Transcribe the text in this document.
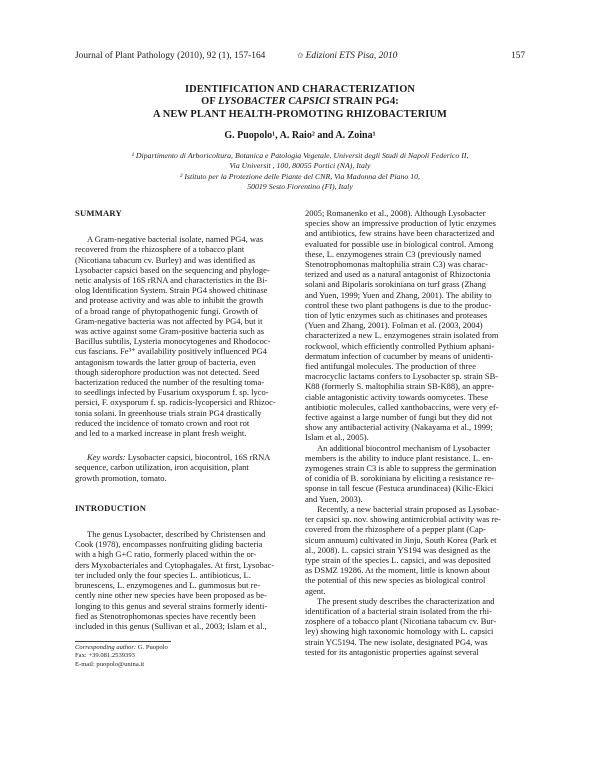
Journal of Plant Pathology (2010), 92 (1), 157-164	✩ Edizioni ETS Pisa, 2010	157
IDENTIFICATION AND CHARACTERIZATION
OF LYSOBACTER CAPSICI STRAIN PG4:
A NEW PLANT HEALTH-PROMOTING RHIZOBACTERIUM
G. Puopolo¹, A. Raio² and A. Zoina¹
¹ Dipartimento di Arboricoltura, Botanica e Patologia Vegetale, Universit degli Studi di Napoli Federico II,
Via Universit , 100, 80055 Portici (NA), Italy
² Istituto per la Protezione delle Piante del CNR, Via Madonna del Piano 10,
50019 Sesto Fiorentino (FI), Italy
SUMMARY
A Gram-negative bacterial isolate, named PG4, was
recovered from the rhizosphere of a tobacco plant
(Nicotiana tabacum cv. Burley) and was identified as
Lysobacter capsici based on the sequencing and phyloge-
netic analysis of 16S rRNA and characteristics in the Bi-
olog Identification System. Strain PG4 showed chitinase
and protease activity and was able to inhibit the growth
of a broad range of phytopathogenic fungi. Growth of
Gram-negative bacteria was not affected by PG4, but it
was active against some Gram-positive bacteria such as
Bacillus subtilis, Lysteria monocytogenes and Rhodococ-
cus fascians. Fe³⁺ availability positively influenced PG4
antagonism towards the latter group of bacteria, even
though siderophore production was not detected. Seed
bacterization reduced the number of the resulting toma-
to seedlings infected by Fusarium oxysporum f. sp. lyco-
persici, F. oxysporum f. sp. radicis-lycopersici and Rhizoc-
tonia solani. In greenhouse trials strain PG4 drastically
reduced the incidence of tomato crown and root rot
and led to a marked increase in plant fresh weight.
Key words: Lysobacter capsici, biocontrol, 16S rRNA
sequence, carbon utilization, iron acquisition, plant
growth promotion, tomato.
INTRODUCTION
The genus Lysobacter, described by Christensen and
Cook (1978), encompasses nonfruiting gliding bacteria
with a high G+C ratio, formerly placed within the or-
ders Myxobacteriales and Cytophagales. At first, Lysobac-
ter included only the four species L. antibioticus, L.
brunescens, L. enzymogenes and L. gummosus but re-
cently nine other new species have been proposed as be-
longing to this genus and several strains formerly identi-
fied as Stenotrophomonas species have recently been
included in this genus (Sullivan et al., 2003; Islam et al.,
Corresponding author: G. Puopolo
Fax: +39.081.2539393
E-mail: puopolo@unina.it
2005; Romanenko et al., 2008). Although Lysobacter
species show an impressive production of lytic enzymes
and antibiotics, few strains have been characterized and
evaluated for possible use in biological control. Among
these, L. enzymogenes strain C3 (previously named
Stenotrophomonas maltophilia strain C3) was charac-
terized and used as a natural antagonist of Rhizoctonia
solani and Bipolaris sorokiniana on turf grass (Zhang
and Yuen, 1999; Yuen and Zhang, 2001). The ability to
control these two plant pathogens is due to the produc-
tion of lytic enzymes such as chitinases and proteases
(Yuen and Zhang, 2001). Folman et al. (2003, 2004)
characterized a new L. enzymogenes strain isolated from
rockwool, which efficiently controlled Pythium aphani-
dermatum infection of cucumber by means of unidenti-
fied antifungal molecules. The production of three
macrocyclic lactams confers to Lysobacter sp. strain SB-
K88 (formerly S. maltophilia strain SB-K88), an appre-
ciable antagonistic activity towards oomycetes. These
antibiotic molecules, called xanthobaccins, were very ef-
fective against a large number of fungi but they did not
show any antibacterial activity (Nakayama et al., 1999;
Islam et al., 2005).
An additional biocontrol mechanism of Lysobacter
members is the ability to induce plant resistance. L. en-
zymogenes strain C3 is able to suppress the germination
of conidia of B. sorokiniana by eliciting a resistance re-
sponse in tall fescue (Festuca arundinacea) (Kilic-Ekici
and Yuen, 2003).
Recently, a new bacterial strain proposed as Lysobac-
ter capsici sp. nov. showing antimicrobial activity was re-
covered from the rhizosphere of a pepper plant (Cap-
sicum annuum) cultivated in Jinju, South Korea (Park et
al., 2008). L. capsici strain YS194 was designed as the
type strain of the species L. capsici, and was deposited
as DSMZ 19286. At the moment, little is known about
the potential of this new species as biological control
agent.
The present study describes the characterization and
identification of a bacterial strain isolated from the rhi-
zosphere of a tobacco plant (Nicotiana tabacum cv. Bur-
ley) showing high taxonomic homology with L. capsici
strain YC5194. The new isolate, designated PG4, was
tested for its antagonistic properties against several
